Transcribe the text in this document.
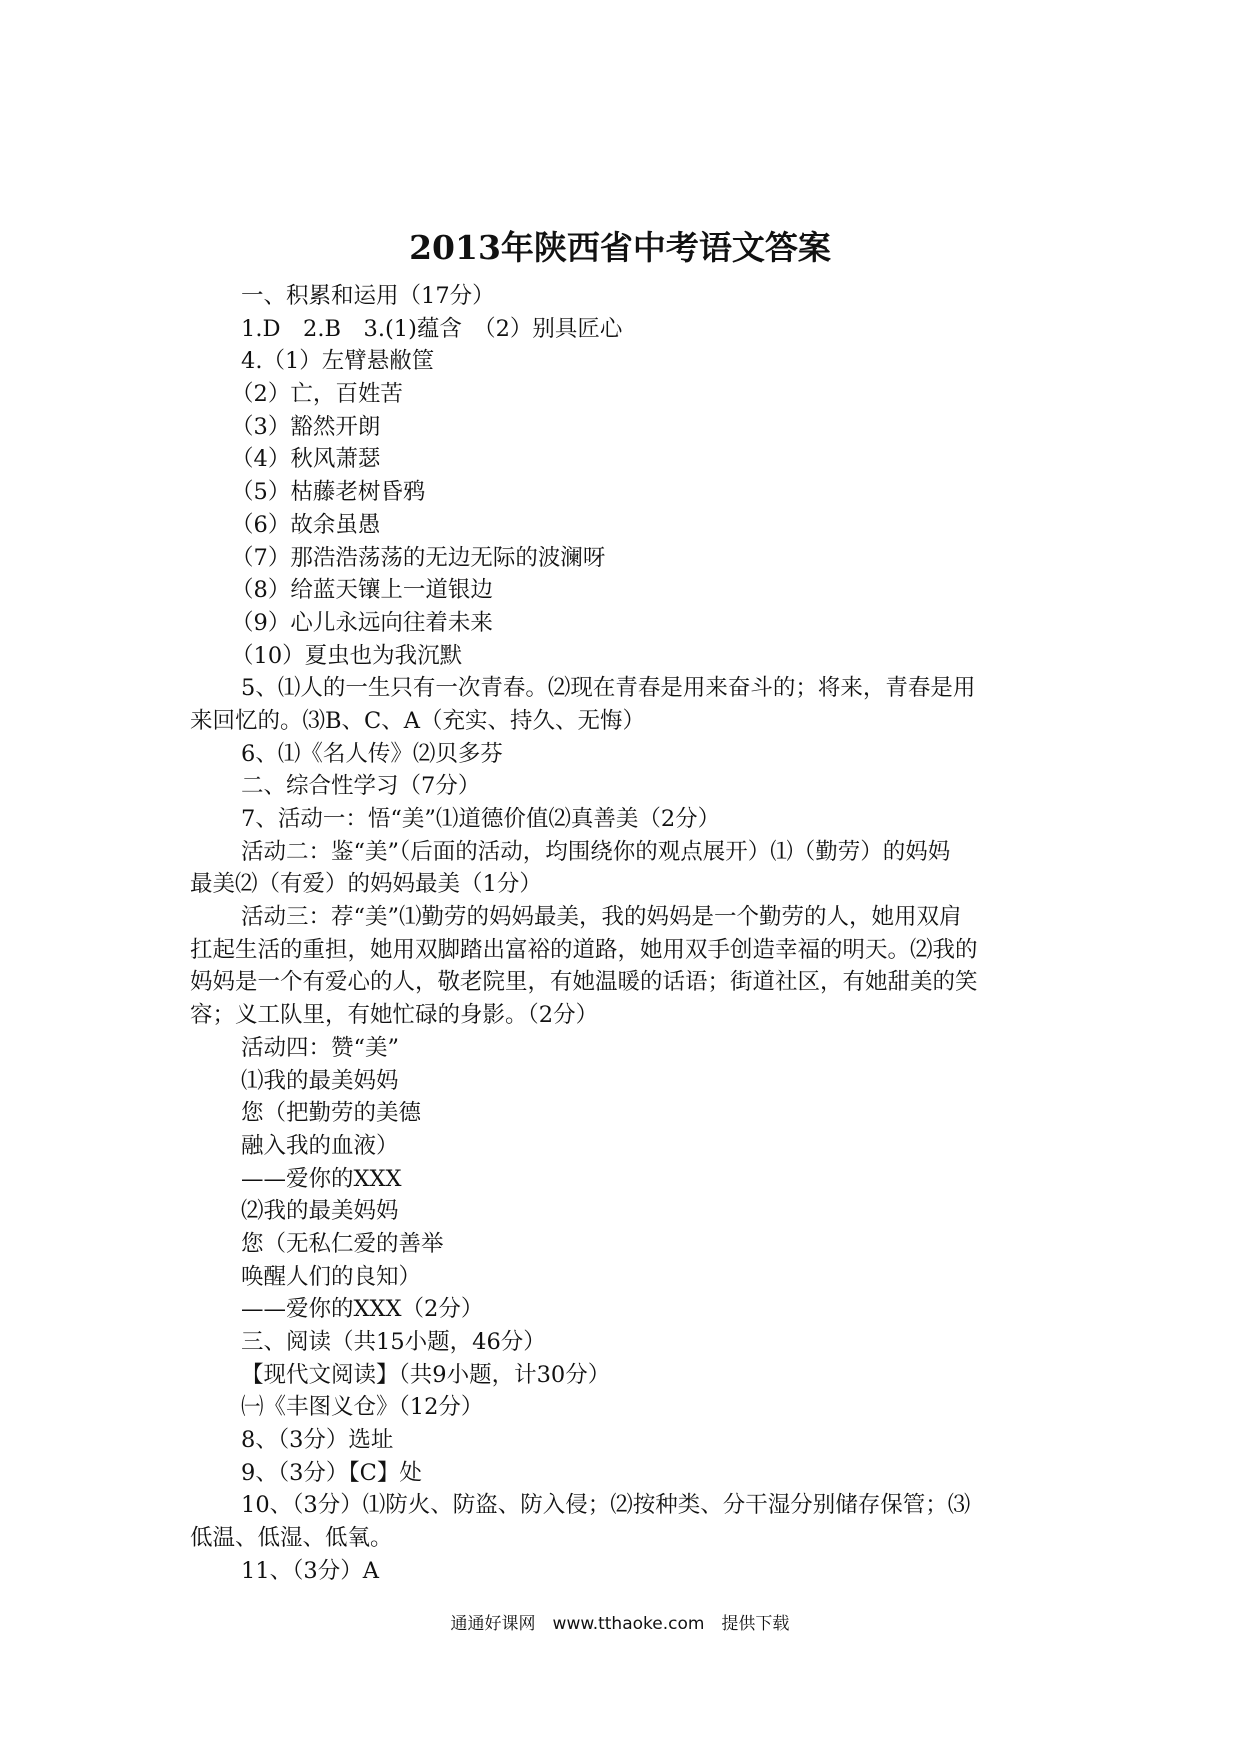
2013年陕西省中考语文答案
一、积累和运用（17分）
1.D　2.B　3.(1)蕴含　（2）别具匠心
4.（1）左臂悬敝筐
（2）亡，百姓苦
（3）豁然开朗
（4）秋风萧瑟
（5）枯藤老树昏鸦
（6）故余虽愚
（7）那浩浩荡荡的无边无际的波澜呀
（8）给蓝天镶上一道银边
（9）心儿永远向往着未来
（10）夏虫也为我沉默
5、⑴人的一生只有一次青春。⑵现在青春是用来奋斗的；将来，青春是用
来回忆的。⑶B、C、A（充实、持久、无悔）
6、⑴《名人传》⑵贝多芬
二、综合性学习（7分）
7、活动一：悟“美”⑴道德价值⑵真善美（2分）
活动二：鉴“美”（后面的活动，均围绕你的观点展开）⑴（勤劳）的妈妈
最美⑵（有爱）的妈妈最美（1分）
活动三：荐“美”⑴勤劳的妈妈最美，我的妈妈是一个勤劳的人，她用双肩
扛起生活的重担，她用双脚踏出富裕的道路，她用双手创造幸福的明天。⑵我的
妈妈是一个有爱心的人，敬老院里，有她温暖的话语；街道社区，有她甜美的笑
容；义工队里，有她忙碌的身影。（2分）
活动四：赞“美”
⑴我的最美妈妈
您（把勤劳的美德
融入我的血液）
——爱你的XXX
⑵我的最美妈妈
您（无私仁爱的善举
唤醒人们的良知）
——爱你的XXX（2分）
三、阅读（共15小题，46分）
【现代文阅读】（共9小题，计30分）
㈠《丰图义仓》（12分）
8、（3分）选址
9、（3分）【C】处
10、（3分）⑴防火、防盗、防入侵；⑵按种类、分干湿分别储存保管；⑶
低温、低湿、低氧。
11、（3分）A
通通好课网　www.tthaoke.com　提供下载
